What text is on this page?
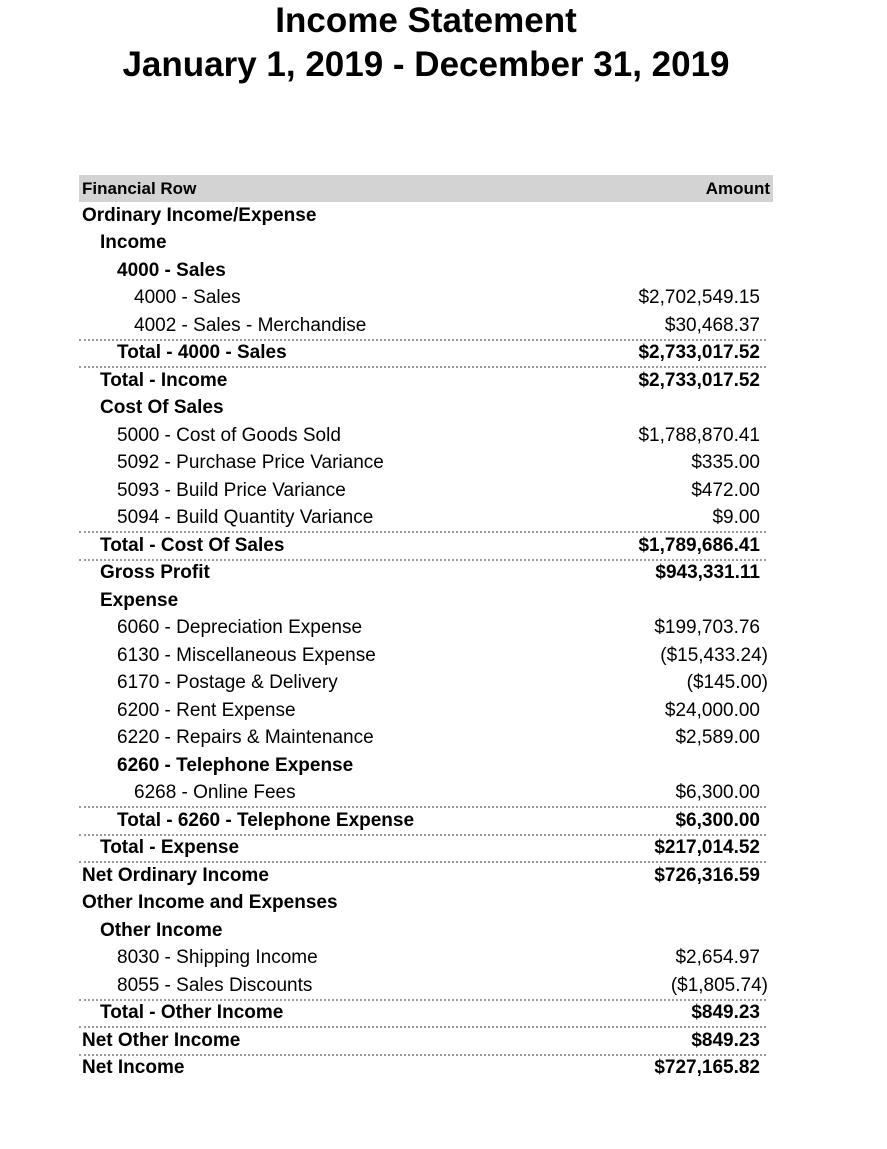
Income Statement
January 1, 2019 - December 31, 2019
Financial Row	Amount
Ordinary Income/Expense
Income
4000 - Sales
4000 - Sales	$2,702,549.15
4002 - Sales - Merchandise	$30,468.37
Total - 4000 - Sales	$2,733,017.52
Total - Income	$2,733,017.52
Cost Of Sales
5000 - Cost of Goods Sold	$1,788,870.41
5092 - Purchase Price Variance	$335.00
5093 - Build Price Variance	$472.00
5094 - Build Quantity Variance	$9.00
Total - Cost Of Sales	$1,789,686.41
Gross Profit	$943,331.11
Expense
6060 - Depreciation Expense	$199,703.76
6130 - Miscellaneous Expense	($15,433.24)
6170 - Postage & Delivery	($145.00)
6200 - Rent Expense	$24,000.00
6220 - Repairs & Maintenance	$2,589.00
6260 - Telephone Expense
6268 - Online Fees	$6,300.00
Total - 6260 - Telephone Expense	$6,300.00
Total - Expense	$217,014.52
Net Ordinary Income	$726,316.59
Other Income and Expenses
Other Income
8030 - Shipping Income	$2,654.97
8055 - Sales Discounts	($1,805.74)
Total - Other Income	$849.23
Net Other Income	$849.23
Net Income	$727,165.82
